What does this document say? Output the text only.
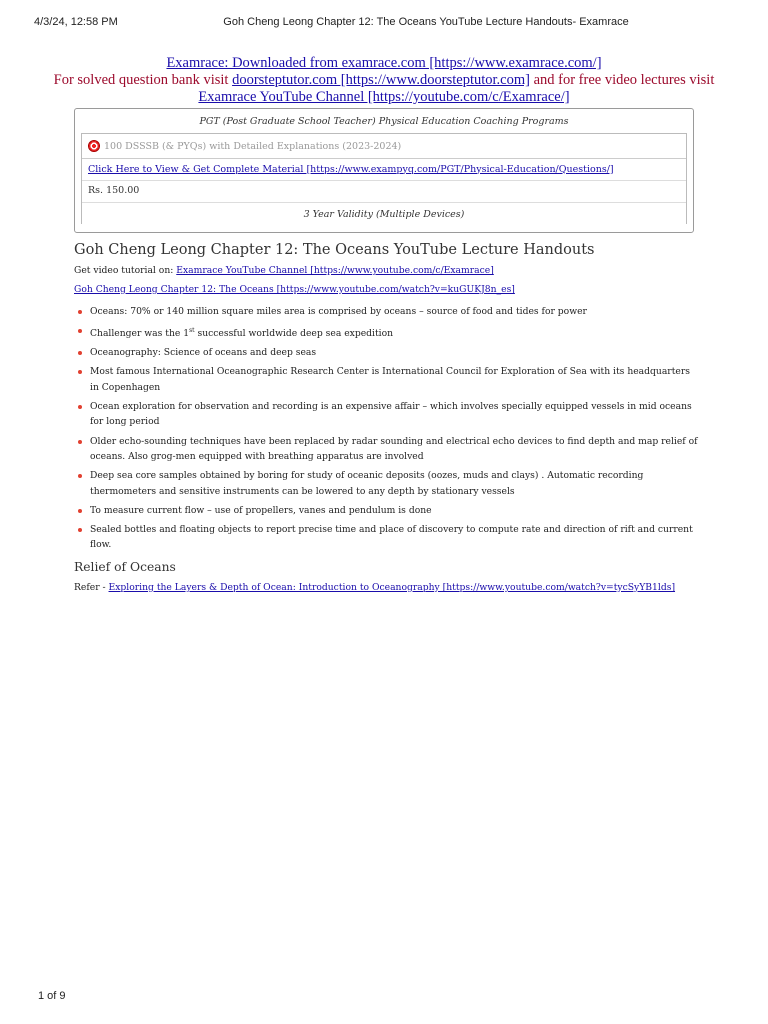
4/3/24, 12:58 PM	Goh Cheng Leong Chapter 12: The Oceans YouTube Lecture Handouts- Examrace
Examrace: Downloaded from examrace.com [https://www.examrace.com/]
For solved question bank visit doorsteptutor.com [https://www.doorsteptutor.com] and for free video lectures visit
Examrace YouTube Channel [https://youtube.com/c/Examrace/]
PGT (Post Graduate School Teacher) Physical Education Coaching Programs
100 DSSSB (& PYQs) with Detailed Explanations (2023-2024)
Click Here to View & Get Complete Material [https://www.exampyq.com/PGT/Physical-Education/Questions/]
Rs. 150.00
3 Year Validity (Multiple Devices)
Goh Cheng Leong Chapter 12: The Oceans YouTube Lecture Handouts

Get video tutorial on: Examrace YouTube Channel [https://www.youtube.com/c/Examrace]

Goh Cheng Leong Chapter 12: The Oceans [https://www.youtube.com/watch?v=kuGUKJ8n_es]

Oceans: 70% or 140 million square miles area is comprised by oceans – source of food and tides for power
Challenger was the 1st successful worldwide deep sea expedition
Oceanography: Science of oceans and deep seas
Most famous International Oceanographic Research Center is International Council for Exploration of Sea with its headquarters in Copenhagen
Ocean exploration for observation and recording is an expensive affair – which involves specially equipped vessels in mid oceans for long period
Older echo-sounding techniques have been replaced by radar sounding and electrical echo devices to find depth and map relief of oceans. Also grog-men equipped with breathing apparatus are involved
Deep sea core samples obtained by boring for study of oceanic deposits (oozes, muds and clays) . Automatic recording thermometers and sensitive instruments can be lowered to any depth by stationary vessels
To measure current flow – use of propellers, vanes and pendulum is done
Sealed bottles and floating objects to report precise time and place of discovery to compute rate and direction of rift and current flow.
Relief of Oceans

Refer - Exploring the Layers & Depth of Ocean: Introduction to Oceanography [https://www.youtube.com/watch?v=tycSyYB1lds]

1 of 9
